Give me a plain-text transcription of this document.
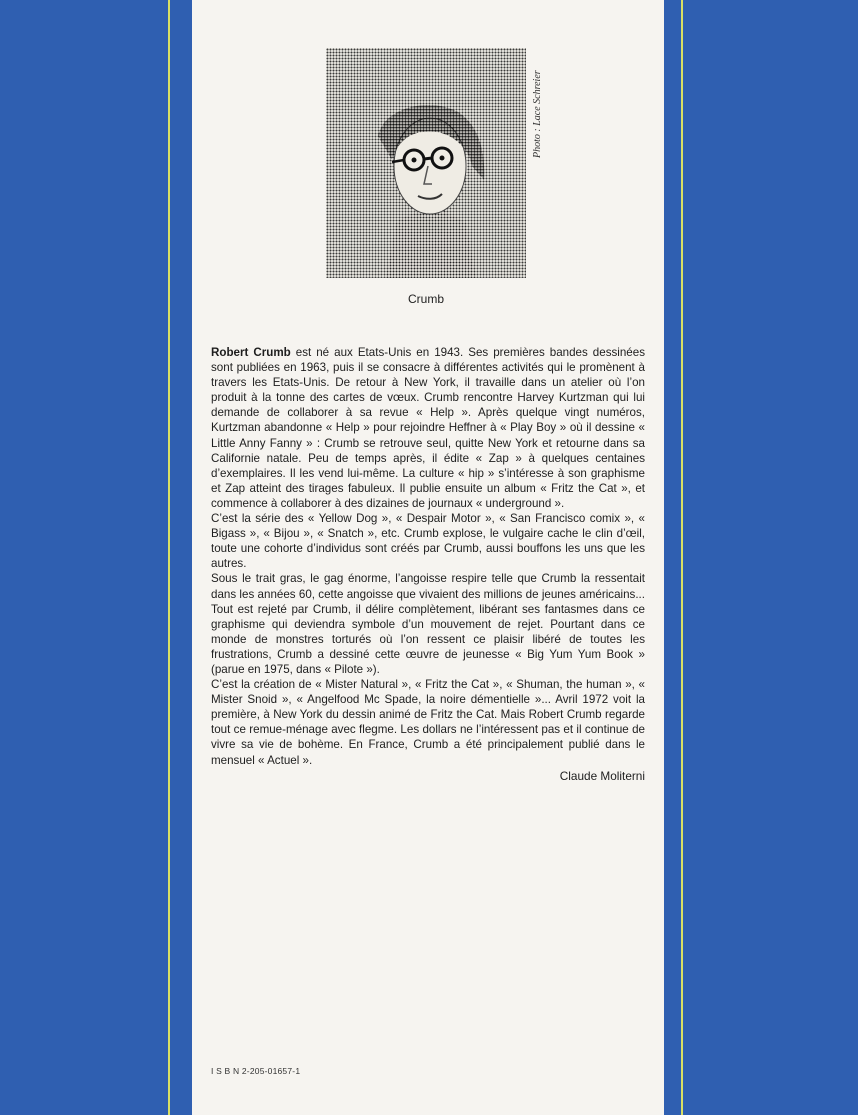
Photo : Lace Schreier
Crumb

Robert Crumb est né aux Etats-Unis en 1943. Ses premières bandes dessinées sont publiées en 1963, puis il se consacre à différentes activités qui le promènent à travers les Etats-Unis. De retour à New York, il travaille dans un atelier où l’on produit à la tonne des cartes de vœux. Crumb rencontre Harvey Kurtzman qui lui demande de collaborer à sa revue « Help ». Après quelque vingt numéros, Kurtzman abandonne « Help » pour rejoindre Heffner à « Play Boy » où il dessine « Little Anny Fanny » : Crumb se retrouve seul, quitte New York et retourne dans sa Californie natale. Peu de temps après, il édite « Zap » à quelques centaines d’exemplaires. Il les vend lui-même. La culture « hip » s’intéresse à son graphisme et Zap atteint des tirages fabuleux. Il publie ensuite un album « Fritz the Cat », et commence à collaborer à des dizaines de journaux « underground ».

C’est la série des « Yellow Dog », « Despair Motor », « San Francisco comix », « Bigass », « Bijou », « Snatch », etc. Crumb explose, le vulgaire cache le clin d’œil, toute une cohorte d’individus sont créés par Crumb, aussi bouffons les uns que les autres.

Sous le trait gras, le gag énorme, l’angoisse respire telle que Crumb la ressentait dans les années 60, cette angoisse que vivaient des millions de jeunes américains... Tout est rejeté par Crumb, il délire complètement, libérant ses fantasmes dans ce graphisme qui deviendra symbole d’un mouvement de rejet. Pourtant dans ce monde de monstres torturés où l’on ressent ce plaisir libéré de toutes les frustrations, Crumb a dessiné cette œuvre de jeunesse « Big Yum Yum Book » (parue en 1975, dans « Pilote »).

C’est la création de « Mister Natural », « Fritz the Cat », « Shuman, the human », « Mister Snoid », « Angelfood Mc Spade, la noire démentielle »... Avril 1972 voit la première, à New York du dessin animé de Fritz the Cat. Mais Robert Crumb regarde tout ce remue-ménage avec flegme. Les dollars ne l’intéressent pas et il continue de vivre sa vie de bohème. En France, Crumb a été principalement publié dans le mensuel « Actuel ».

Claude Moliterni
I S B N 2-205-01657-1
